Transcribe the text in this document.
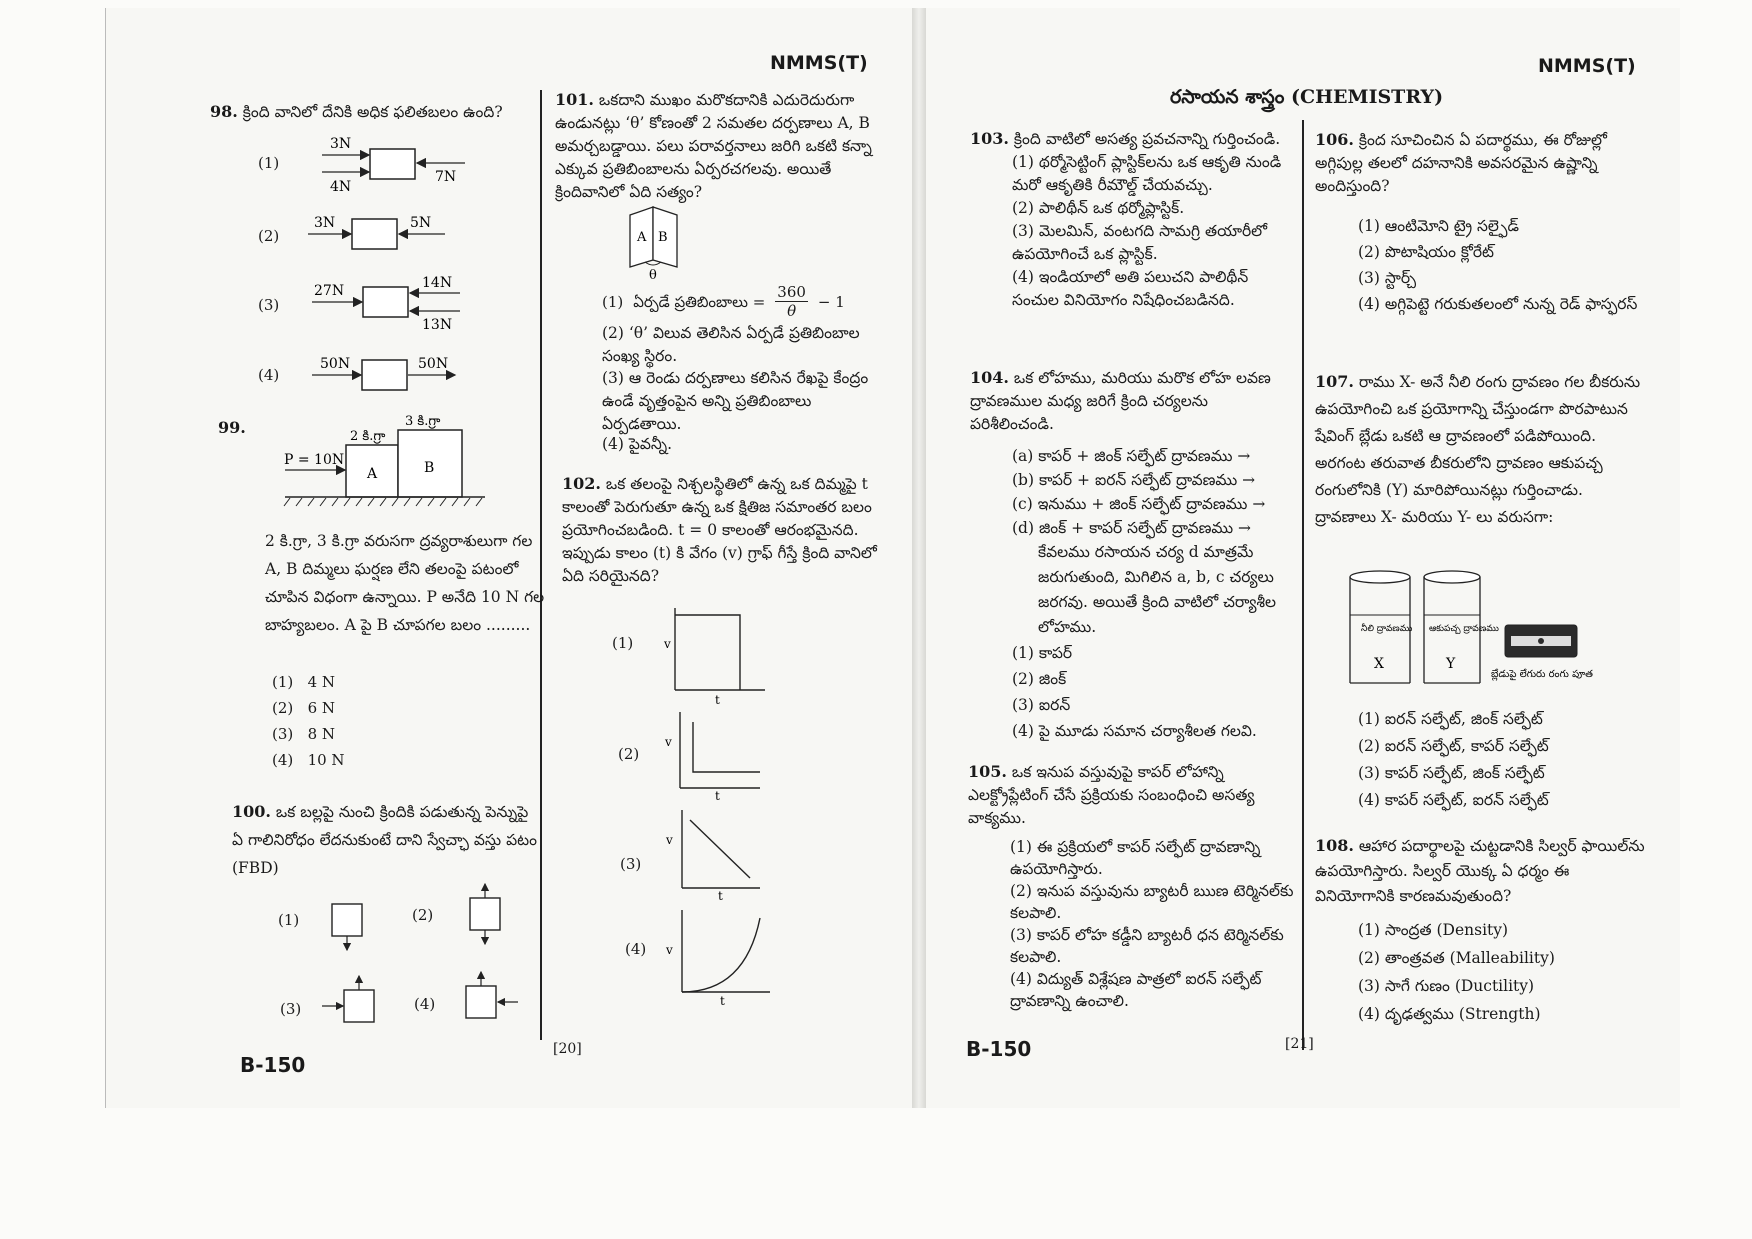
NMMS(T)
98. క్రింది వానిలో దేనికి అధిక ఫలితబలం ఉంది?
(1)
(2)
(3)
(4)
3N
4N
7N
3N	5N
27N	14N
13N
50N	50N
99.
P = 10N
2 కి.గ్రా
3 కి.గ్రా
A	B
2 కి.గ్రా, 3 కి.గ్రా వరుసగా ద్రవ్యరాశులుగా గల A, B దిమ్మలు ఘర్షణ లేని తలంపై పటంలో చూపిన విధంగా ఉన్నాయి. P అనేది 10 N గల బాహ్యబలం. A పై B చూపగల బలం .........
(1) 4 N
(2) 6 N
(3) 8 N
(4) 10 N
100. ఒక బల్లపై నుంచి క్రిందికి పడుతున్న పెన్నుపై ఏ గాలినిరోధం లేదనుకుంటే దాని స్వేచ్ఛా వస్తు పటం (FBD)
(1)	(2)
(3)	(4)
101. ఒకదాని ముఖం మరొకదానికి ఎదురెదురుగా ఉండునట్లు ‘θ’ కోణంతో 2 సమతల దర్పణాలు A, B అమర్చబడ్డాయి. పలు పరావర్తనాలు జరిగి ఒకటి కన్నా ఎక్కువ ప్రతిబింబాలను ఏర్పరచగలవు. అయితే క్రిందివానిలో ఏది సత్యం?
A B
θ
(1) ఏర్పడే ప్రతిబింబాలు = $\frac{360}{\theta} - 1$
(2) ‘θ’ విలువ తెలిసిన ఏర్పడే ప్రతిబింబాల సంఖ్య స్థిరం.
(3) ఆ రెండు దర్పణాలు కలిసిన రేఖపై కేంద్రం ఉండే వృత్తంపైన అన్ని ప్రతిబింబాలు ఏర్పడతాయి.
(4) పైవన్నీ.
102. ఒక తలంపై నిశ్చలస్థితిలో ఉన్న ఒక దిమ్మపై t కాలంతో పెరుగుతూ ఉన్న ఒక క్షితిజ సమాంతర బలం ప్రయోగించబడింది. t = 0 కాలంతో ఆరంభమైనది. ఇప్పుడు కాలం (t) కి వేగం (v) గ్రాఫ్ గీస్తే క్రింది వానిలో ఏది సరియైనది?
(1)
(2)
(3)
(4)
v
t
v
t
v
t
v
t
B-150
[20]
NMMS(T)
రసాయన శాస్త్రం (CHEMISTRY)
103. క్రింది వాటిలో అసత్య ప్రవచనాన్ని గుర్తించండి.
(1) థర్మోసెట్టింగ్ ప్లాస్టిక్‌లను ఒక ఆకృతి నుండి మరో ఆకృతికి రీమౌల్డ్ చేయవచ్చు.
(2) పాలిథీన్ ఒక థర్మోప్లాస్టిక్.
(3) మెలమిన్, వంటగది సామగ్రి తయారీలో ఉపయోగించే ఒక ప్లాస్టిక్.
(4) ఇండియాలో అతి పలుచని పాలిథీన్ సంచుల వినియోగం నిషేధించబడినది.
104. ఒక లోహము, మరియు మరొక లోహ లవణ ద్రావణముల మధ్య జరిగే క్రింది చర్యలను పరిశీలించండి.
(a) కాపర్ + జింక్ సల్ఫేట్ ద్రావణము →
(b) కాపర్ + ఐరన్ సల్ఫేట్ ద్రావణము →
(c) ఇనుము + జింక్ సల్ఫేట్ ద్రావణము →
(d) జింక్ + కాపర్ సల్ఫేట్ ద్రావణము →
కేవలము రసాయన చర్య d మాత్రమే జరుగుతుంది, మిగిలిన a, b, c చర్యలు జరగవు. అయితే క్రింది వాటిలో చర్యాశీల లోహము.
(1) కాపర్
(2) జింక్
(3) ఐరన్
(4) పై మూడు సమాన చర్యాశీలత గలవి.
105. ఒక ఇనుప వస్తువుపై కాపర్ లోహాన్ని ఎలక్ట్రోప్లేటింగ్ చేసే ప్రక్రియకు సంబంధించి అసత్య వాక్యము.
(1) ఈ ప్రక్రియలో కాపర్ సల్ఫేట్ ద్రావణాన్ని ఉపయోగిస్తారు.
(2) ఇనుప వస్తువును బ్యాటరీ ఋణ టెర్మినల్‌కు కలపాలి.
(3) కాపర్ లోహ కడ్డీని బ్యాటరీ ధన టెర్మినల్‌కు కలపాలి.
(4) విద్యుత్ విశ్లేషణ పాత్రలో ఐరన్ సల్ఫేట్ ద్రావణాన్ని ఉంచాలి.
106. క్రింద సూచించిన ఏ పదార్థము, ఈ రోజుల్లో అగ్గిపుల్ల తలలో దహనానికి అవసరమైన ఉష్ణాన్ని అందిస్తుంది?
(1) ఆంటిమోని ట్రై సల్ఫైడ్
(2) పొటాషియం క్లోరేట్
(3) స్టార్చ్
(4) అగ్గిపెట్టె గరుకుతలంలో నున్న రెడ్ ఫాస్ఫరస్
107. రాము X- అనే నీలి రంగు ద్రావణం గల బీకరును ఉపయోగించి ఒక ప్రయోగాన్ని చేస్తుండగా పొరపాటున షేవింగ్ బ్లేడు ఒకటి ఆ ద్రావణంలో పడిపోయింది. అరగంట తరువాత బీకరులోని ద్రావణం ఆకుపచ్చ రంగులోనికి (Y) మారిపోయినట్లు గుర్తించాడు. ద్రావణాలు X- మరియు Y- లు వరుసగా:
నీలి ద్రావణము
X
ఆకుపచ్చ ద్రావణము
Y
బ్లేడుపై లేగురు రంగు పూత
(1) ఐరన్ సల్ఫేట్, జింక్ సల్ఫేట్
(2) ఐరన్ సల్ఫేట్, కాపర్ సల్ఫేట్
(3) కాపర్ సల్ఫేట్, జింక్ సల్ఫేట్
(4) కాపర్ సల్ఫేట్, ఐరన్ సల్ఫేట్
108. ఆహార పదార్థాలపై చుట్టడానికి సిల్వర్ ఫాయిల్‌ను ఉపయోగిస్తారు. సిల్వర్ యొక్క ఏ ధర్మం ఈ వినియోగానికి కారణమవుతుంది?
(1) సాంద్రత (Density)
(2) తాంత్రవత (Malleability)
(3) సాగే గుణం (Ductility)
(4) దృఢత్వము (Strength)
B-150	[21]
